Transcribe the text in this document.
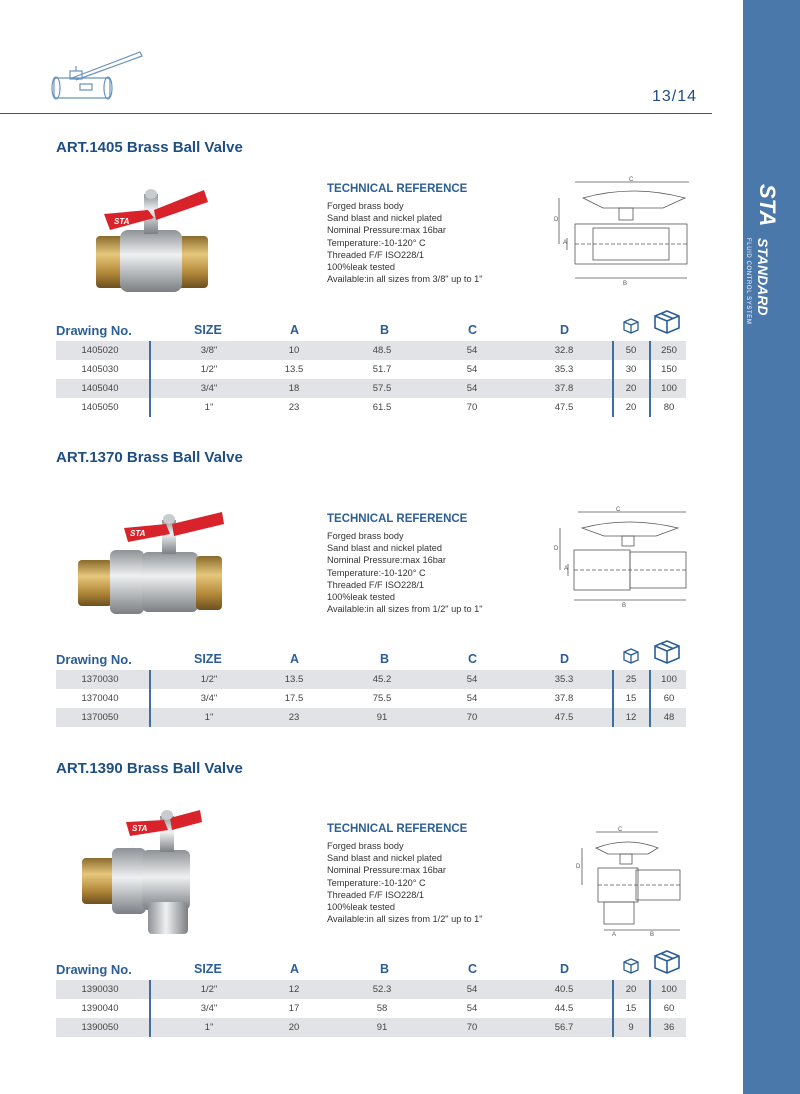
STA
STANDARD
FLUID CONTROL SYSTEM
13/14
ART.1405 Brass Ball Valve
STA
TECHNICAL REFERENCE
Forged brass body
Sand blast and nickel plated
Nominal Pressure:max 16bar
Temperature:-10-120° C
Threaded F/F ISO228/1
100%leak tested
Available:in all sizes from 3/8" up to 1"
C
D
A
B
Drawing No.	SIZE	A	B	C	D
1405020	3/8"	10	48.5	54	32.8	50	250
1405030	1/2"	13.5	51.7	54	35.3	30	150
1405040	3/4"	18	57.5	54	37.8	20	100
1405050	1"	23	61.5	70	47.5	20	80
ART.1370 Brass Ball Valve
STA
TECHNICAL REFERENCE
Forged brass body
Sand blast and nickel plated
Nominal Pressure:max 16bar
Temperature:-10-120° C
Threaded F/F ISO228/1
100%leak tested
Available:in all sizes from 1/2" up to 1"
C
D
A
B
Drawing No.	SIZE	A	B	C	D
1370030	1/2"	13.5	45.2	54	35.3	25	100
1370040	3/4"	17.5	75.5	54	37.8	15	60
1370050	1"	23	91	70	47.5	12	48
ART.1390 Brass Ball Valve
STA	TECHNICAL REFERENCE
Forged brass body
Sand blast and nickel plated
Nominal Pressure:max 16bar
Temperature:-10-120° C
Threaded F/F ISO228/1
100%leak tested
Available:in all sizes from 1/2" up to 1"
C
D
A	B
Drawing No.	SIZE	A	B	C	D
1390030	1/2"	12	52.3	54	40.5	20	100
1390040	3/4"	17	58	54	44.5	15	60
1390050	1"	20	91	70	56.7	9	36
